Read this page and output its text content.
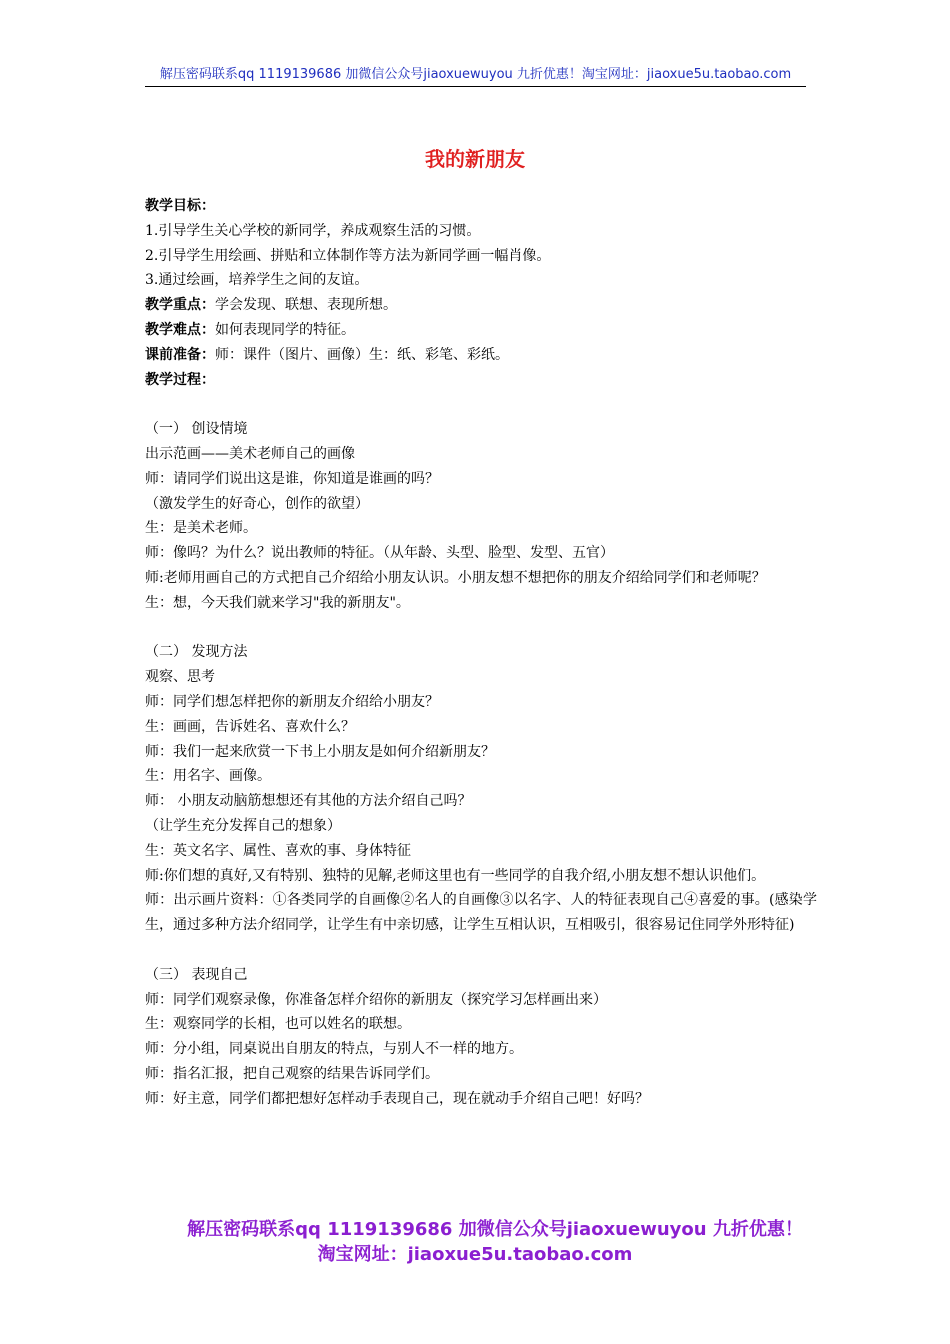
解压密码联系qq 1119139686 加微信公众号jiaoxuewuyou 九折优惠！淘宝网址：jiaoxue5u.taobao.com
我的新朋友
教学目标：
1.引导学生关心学校的新同学，养成观察生活的习惯。
2.引导学生用绘画、拼贴和立体制作等方法为新同学画一幅肖像。
3.通过绘画，培养学生之间的友谊。
教学重点：学会发现、联想、表现所想。
教学难点：如何表现同学的特征。
课前准备：师：课件（图片、画像）生：纸、彩笔、彩纸。
教学过程：
（一） 创设情境
出示范画——美术老师自己的画像
师：请同学们说出这是谁，你知道是谁画的吗？
（激发学生的好奇心，创作的欲望）
生：是美术老师。
师：像吗？为什么？说出教师的特征。（从年龄、头型、脸型、发型、五官）
师:老师用画自己的方式把自己介绍给小朋友认识。小朋友想不想把你的朋友介绍给同学们和老师呢？
生：想，今天我们就来学习"我的新朋友"。
（二） 发现方法
观察、思考
师：同学们想怎样把你的新朋友介绍给小朋友？
生：画画，告诉姓名、喜欢什么？
师：我们一起来欣赏一下书上小朋友是如何介绍新朋友？
生：用名字、画像。
师： 小朋友动脑筋想想还有其他的方法介绍自己吗？
（让学生充分发挥自己的想象）
生：英文名字、属性、喜欢的事、身体特征
师:你们想的真好,又有特别、独特的见解,老师这里也有一些同学的自我介绍,小朋友想不想认识他们。
师：出示画片资料：①各类同学的自画像②名人的自画像③以名字、人的特征表现自己④喜爱的事。(感染学生，通过多种方法介绍同学，让学生有中亲切感，让学生互相认识，互相吸引，很容易记住同学外形特征)
（三） 表现自己
师：同学们观察录像，你准备怎样介绍你的新朋友（探究学习怎样画出来）
生：观察同学的长相，也可以姓名的联想。
师：分小组，同桌说出自朋友的特点，与别人不一样的地方。
师：指名汇报，把自己观察的结果告诉同学们。
师：好主意，同学们都把想好怎样动手表现自己，现在就动手介绍自己吧！好吗？
解压密码联系qq 1119139686 加微信公众号jiaoxuewuyou 九折优惠！
淘宝网址：jiaoxue5u.taobao.com
